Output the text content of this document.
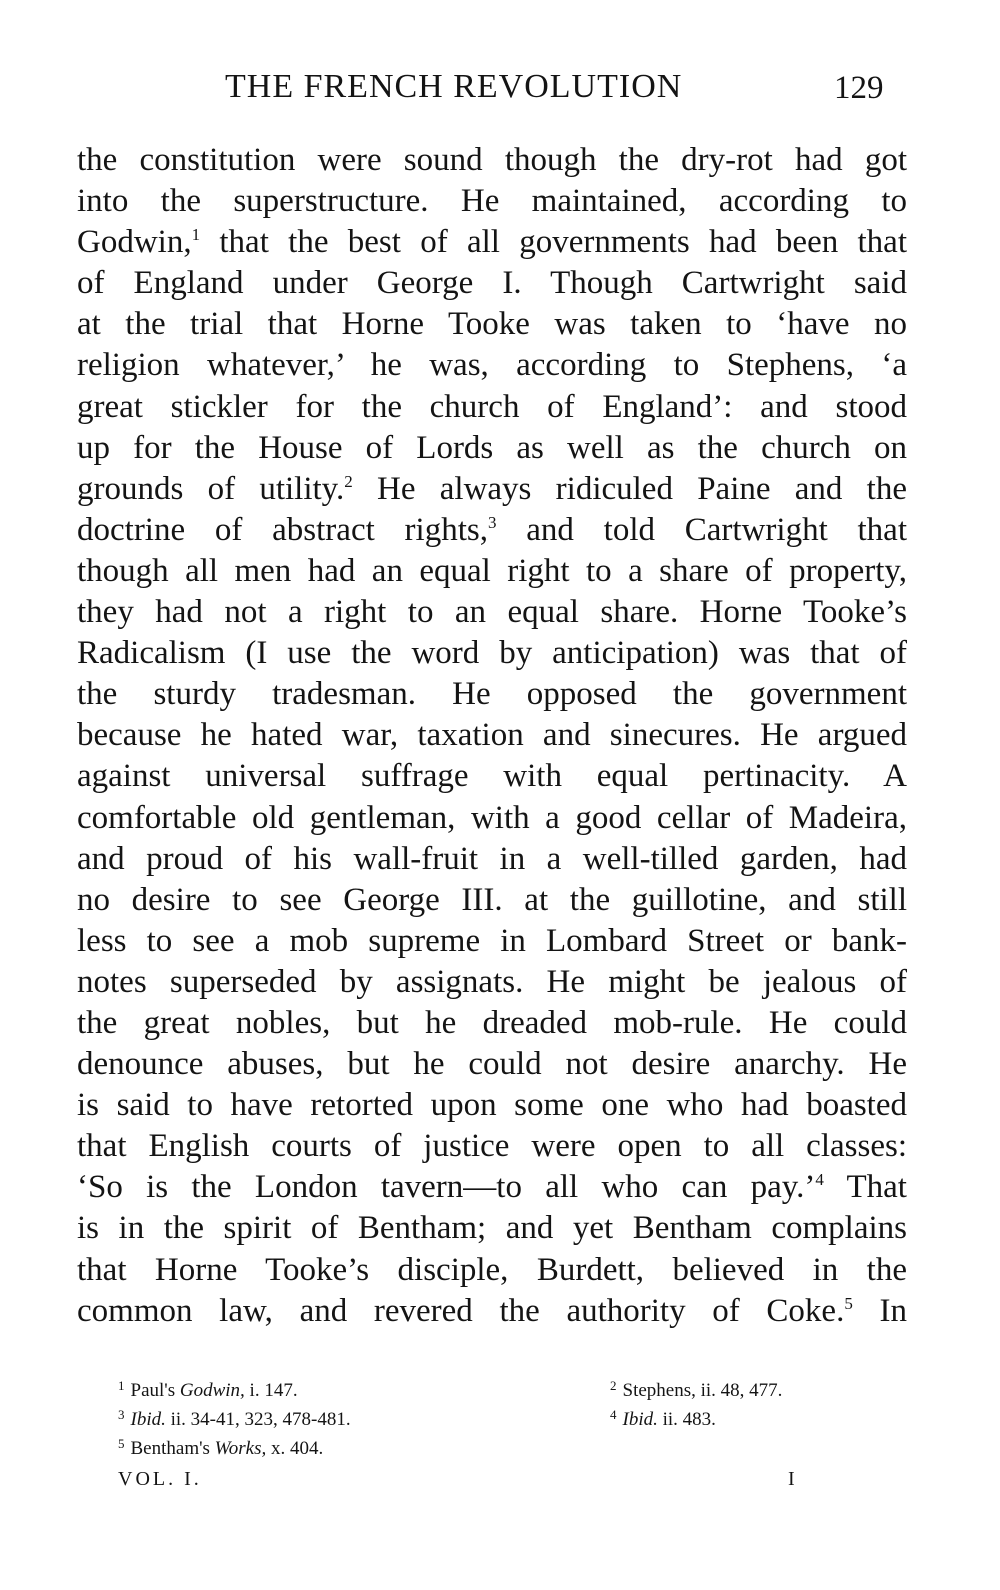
THE FRENCH REVOLUTION	129
the constitution were sound though the dry-rot had got
into the superstructure. He maintained, according to
Godwin,$^1$ that the best of all governments had been that
of England under George I. Though Cartwright said
at the trial that Horne Tooke was taken to ‘have no
religion whatever,’ he was, according to Stephens, ‘a
great stickler for the church of England’: and stood
up for the House of Lords as well as the church on
grounds of utility.$^2$ He always ridiculed Paine and the
doctrine of abstract rights,$^3$ and told Cartwright that
though all men had an equal right to a share of property,
they had not a right to an equal share. Horne Tooke’s
Radicalism (I use the word by anticipation) was that of
the sturdy tradesman. He opposed the government
because he hated war, taxation and sinecures. He argued
against universal suffrage with equal pertinacity. A
comfortable old gentleman, with a good cellar of Madeira,
and proud of his wall-fruit in a well-tilled garden, had
no desire to see George III. at the guillotine, and still
less to see a mob supreme in Lombard Street or bank-
notes superseded by assignats. He might be jealous of
the great nobles, but he dreaded mob-rule. He could
denounce abuses, but he could not desire anarchy. He
is said to have retorted upon some one who had boasted
that English courts of justice were open to all classes:
‘So is the London tavern—to all who can pay.’$^4$ That
is in the spirit of Bentham; and yet Bentham complains
that Horne Tooke’s disciple, Burdett, believed in the
common law, and revered the authority of Coke.$^5$ In
$^1$ Paul's Godwin, i. 147.	$^2$ Stephens, ii. 48, 477.
$^3$ Ibid. ii. 34-41, 323, 478-481.	$^4$ Ibid. ii. 483.
$^5$ Bentham's Works, x. 404.
VOL. I.	I
